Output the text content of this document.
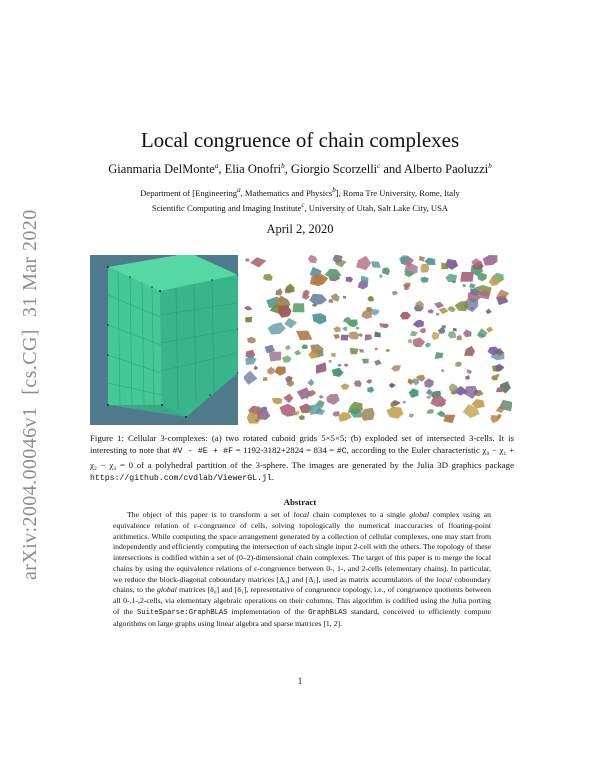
arXiv:2004.00046v1
[cs.CG]
31 Mar 2020
Local congruence of chain complexes
Gianmaria DelMonte$^a$, Elia Onofri$^b$, Giorgio Scorzelli$^c$ and Alberto Paoluzzi$^b$
Department of [Engineering$^a$, Mathematics and Physics$^b$], Roma Tre University, Rome, Italy
Scientific Computing and Imaging Institute$^c$, University of Utah, Salt Lake City, USA
April 2, 2020
Figure 1: Cellular 3-complexes: (a) two rotated cuboid grids 5×5×5; (b) exploded set of intersected 3-cells. It is interesting to note that #V - #E + #F = 1192-3182+2824 = 834 = #C, according to the Euler characteristic χ₀ − χ₁ + χ₂ − χ₃ = 0 of a polyhedral partition of the 3-sphere. The images are generated by the Julia 3D graphics package https://github.com/cvdlab/ViewerGL.jl.
Abstract
The object of this paper is to transform a set of local chain complexes to a single global complex using an equivalence relation of ε-congruence of cells, solving topologically the numerical inaccuracies of floating-point arithmetics. While computing the space arrangement generated by a collection of cellular complexes, one may start from independently and efficiently computing the intersection of each single input 2-cell with the others. The topology of these intersections is codified within a set of (0–2)-dimensional chain complexes. The target of this paper is to merge the local chains by using the equivalence relations of ε-congruence between 0-, 1-, and 2-cells (elementary chains). In particular, we reduce the block-diagonal coboundary matrices [Δ₀] and [Δ₁], used as matrix accumulators of the local coboundary chains, to the global matrices [δ₀] and [δ₁], representative of congruence topology, i.e., of congruence quotients between all 0-,1-,2-cells, via elementary algebraic operations on their columns. This algorithm is codified using the Julia porting of the SuiteSparse:GraphBLAS implementation of the GraphBLAS standard, conceived to efficiently compute algorithms on large graphs using linear algebra and sparse matrices [1, 2].
1
